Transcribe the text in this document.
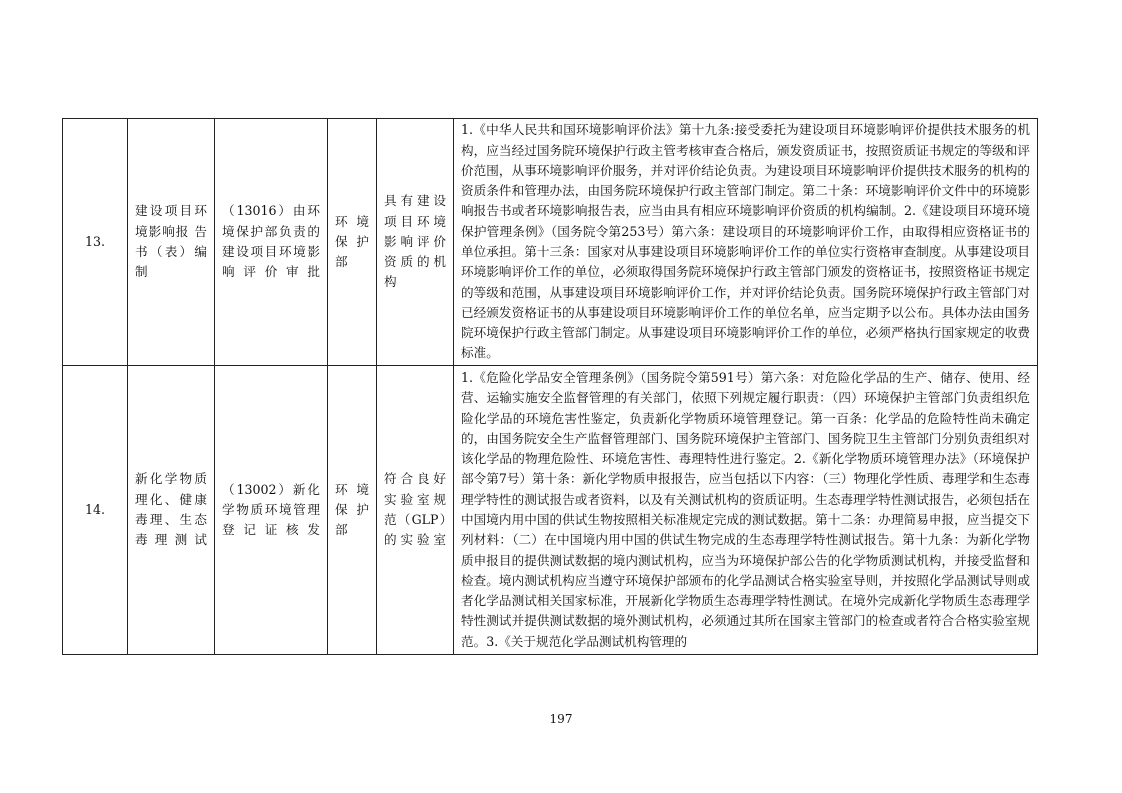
13.	建设项目环境影响报 告 书（表）编制	（13016）由环境保护部负责的建设项目环境影响评价审批	环 境保 护部	具有建设项目环境影响评价资质的机构	1.《中华人民共和国环境影响评价法》第十九条:接受委托为建设项目环境影响评价提供技术服务的机构，应当经过国务院环境保护行政主管考核审查合格后，颁发资质证书，按照资质证书规定的等级和评价范围，从事环境影响评价服务，并对评价结论负责。为建设项目环境影响评价提供技术服务的机构的资质条件和管理办法，由国务院环境保护行政主管部门制定。第二十条：环境影响评价文件中的环境影响报告书或者环境影响报告表，应当由具有相应环境影响评价资质的机构编制。2.《建设项目环境环境保护管理条例》（国务院令第253号）第六条：建设项目的环境影响评价工作，由取得相应资格证书的单位承担。第十三条：国家对从事建设项目环境影响评价工作的单位实行资格审查制度。从事建设项目环境影响评价工作的单位，必须取得国务院环境保护行政主管部门颁发的资格证书，按照资格证书规定的等级和范围，从事建设项目环境影响评价工作，并对评价结论负责。国务院环境保护行政主管部门对已经颁发资格证书的从事建设项目环境影响评价工作的单位名单，应当定期予以公布。具体办法由国务院环境保护行政主管部门制定。从事建设项目环境影响评价工作的单位，必须严格执行国家规定的收费标准。
14.	新化学物质理化、健康毒理、生态毒理测试	（13002）新化学物质环境管理登记证核发	环 境保 护部	符合良好实验室规范（GLP）的实验室	1.《危险化学品安全管理条例》（国务院令第591号）第六条：对危险化学品的生产、储存、使用、经营、运输实施安全监督管理的有关部门，依照下列规定履行职责：（四）环境保护主管部门负责组织危险化学品的环境危害性鉴定，负责新化学物质环境管理登记。第一百条：化学品的危险特性尚未确定的，由国务院安全生产监督管理部门、国务院环境保护主管部门、国务院卫生主管部门分别负责组织对该化学品的物理危险性、环境危害性、毒理特性进行鉴定。2.《新化学物质环境管理办法》（环境保护部令第7号）第十条：新化学物质申报报告，应当包括以下内容：（三）物理化学性质、毒理学和生态毒理学特性的测试报告或者资料，以及有关测试机构的资质证明。生态毒理学特性测试报告，必须包括在中国境内用中国的供试生物按照相关标准规定完成的测试数据。第十二条：办理简易申报，应当提交下列材料：（二）在中国境内用中国的供试生物完成的生态毒理学特性测试报告。第十九条：为新化学物质申报目的提供测试数据的境内测试机构，应当为环境保护部公告的化学物质测试机构，并接受监督和检查。境内测试机构应当遵守环境保护部颁布的化学品测试合格实验室导则，并按照化学品测试导则或者化学品测试相关国家标准，开展新化学物质生态毒理学特性测试。在境外完成新化学物质生态毒理学特性测试并提供测试数据的境外测试机构，必须通过其所在国家主管部门的检查或者符合合格实验室规范。3.《关于规范化学品测试机构管理的
197
